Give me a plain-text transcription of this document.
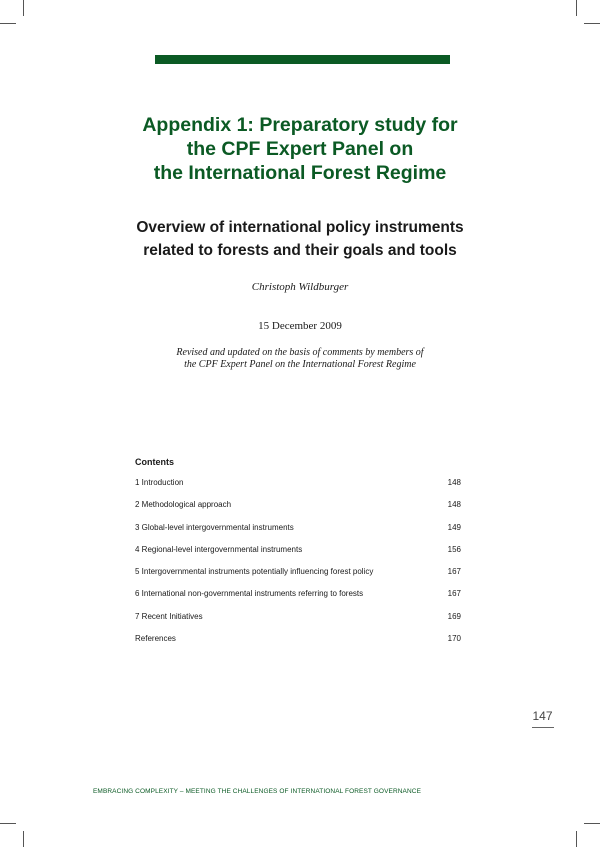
Appendix 1: Preparatory study for
the CPF Expert Panel on
the International Forest Regime
Overview of international policy instruments
related to forests and their goals and tools
Christoph Wildburger
15 December 2009
Revised and updated on the basis of comments by members of
the CPF Expert Panel on the International Forest Regime
Contents
1 Introduction	148
2 Methodological approach	148
3 Global-level intergovernmental instruments	149
4 Regional-level intergovernmental instruments	156
5 Intergovernmental instruments potentially influencing forest policy	167
6 International non-governmental instruments referring to forests	167
7 Recent Initiatives	169
References	170
147
EMBRACING COMPLEXITY – MEETING THE CHALLENGES OF INTERNATIONAL FOREST GOVERNANCE
